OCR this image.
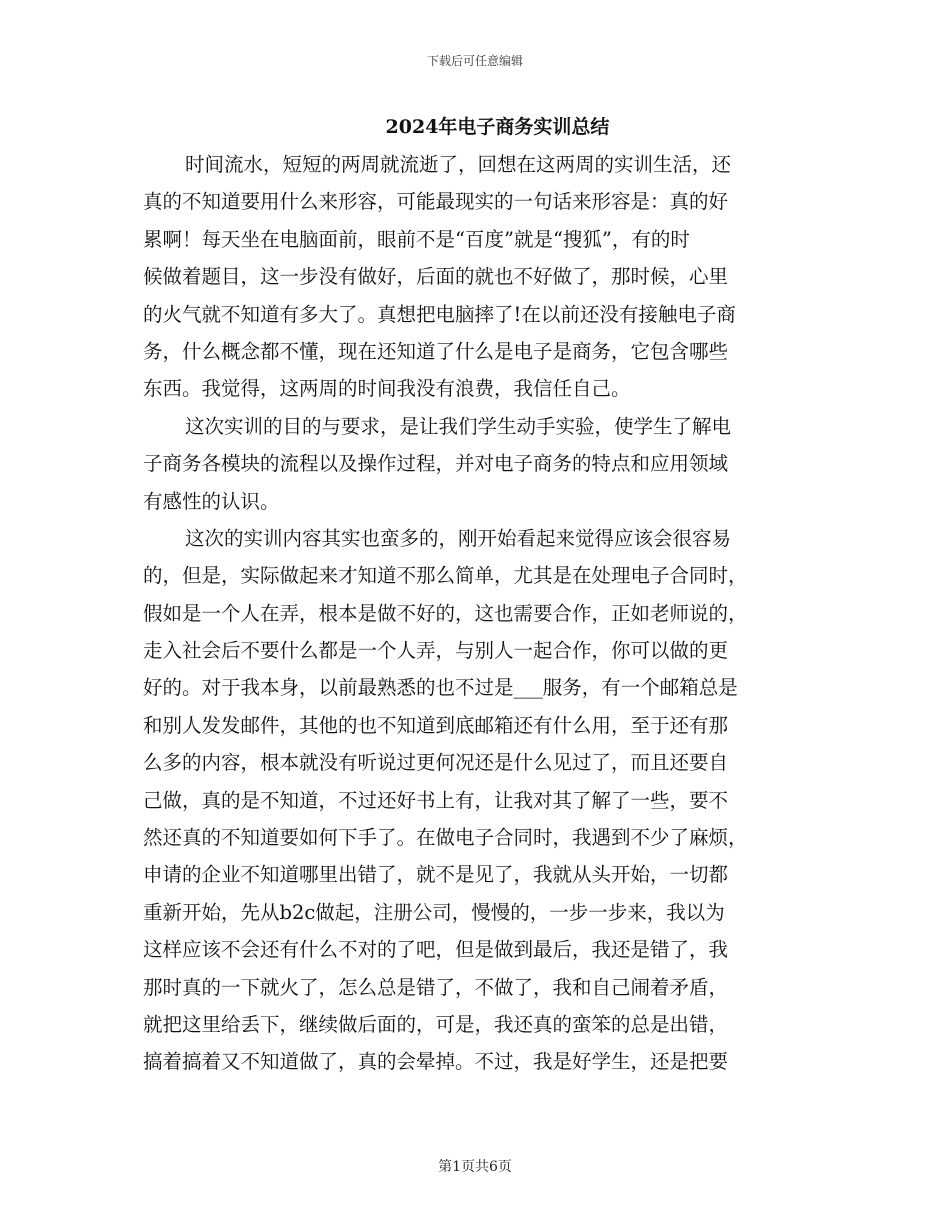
下载后可任意编辑
2024年电子商务实训总结
时间流水，短短的两周就流逝了，回想在这两周的实训生活，还
真的不知道要用什么来形容，可能最现实的一句话来形容是：真的好
累啊！每天坐在电脑面前，眼前不是“百度”就是“搜狐”，有的时
候做着题目，这一步没有做好，后面的就也不好做了，那时候，心里
的火气就不知道有多大了。真想把电脑摔了!在以前还没有接触电子商
务，什么概念都不懂，现在还知道了什么是电子是商务，它包含哪些
东西。我觉得，这两周的时间我没有浪费，我信任自己。
这次实训的目的与要求，是让我们学生动手实验，使学生了解电
子商务各模块的流程以及操作过程，并对电子商务的特点和应用领域
有感性的认识。
这次的实训内容其实也蛮多的，刚开始看起来觉得应该会很容易
的，但是，实际做起来才知道不那么简单，尤其是在处理电子合同时，
假如是一个人在弄，根本是做不好的，这也需要合作，正如老师说的，
走入社会后不要什么都是一个人弄，与别人一起合作，你可以做的更
好的。对于我本身，以前最熟悉的也不过是___服务，有一个邮箱总是
和别人发发邮件，其他的也不知道到底邮箱还有什么用，至于还有那
么多的内容，根本就没有听说过更何况还是什么见过了，而且还要自
己做，真的是不知道，不过还好书上有，让我对其了解了一些，要不
然还真的不知道要如何下手了。在做电子合同时，我遇到不少了麻烦，
申请的企业不知道哪里出错了，就不是见了，我就从头开始，一切都
重新开始，先从b2c做起，注册公司，慢慢的，一步一步来，我以为
这样应该不会还有什么不对的了吧，但是做到最后，我还是错了，我
那时真的一下就火了，怎么总是错了，不做了，我和自己闹着矛盾，
就把这里给丢下，继续做后面的，可是，我还真的蛮笨的总是出错，
搞着搞着又不知道做了，真的会晕掉。不过，我是好学生，还是把要
第1页共6页
